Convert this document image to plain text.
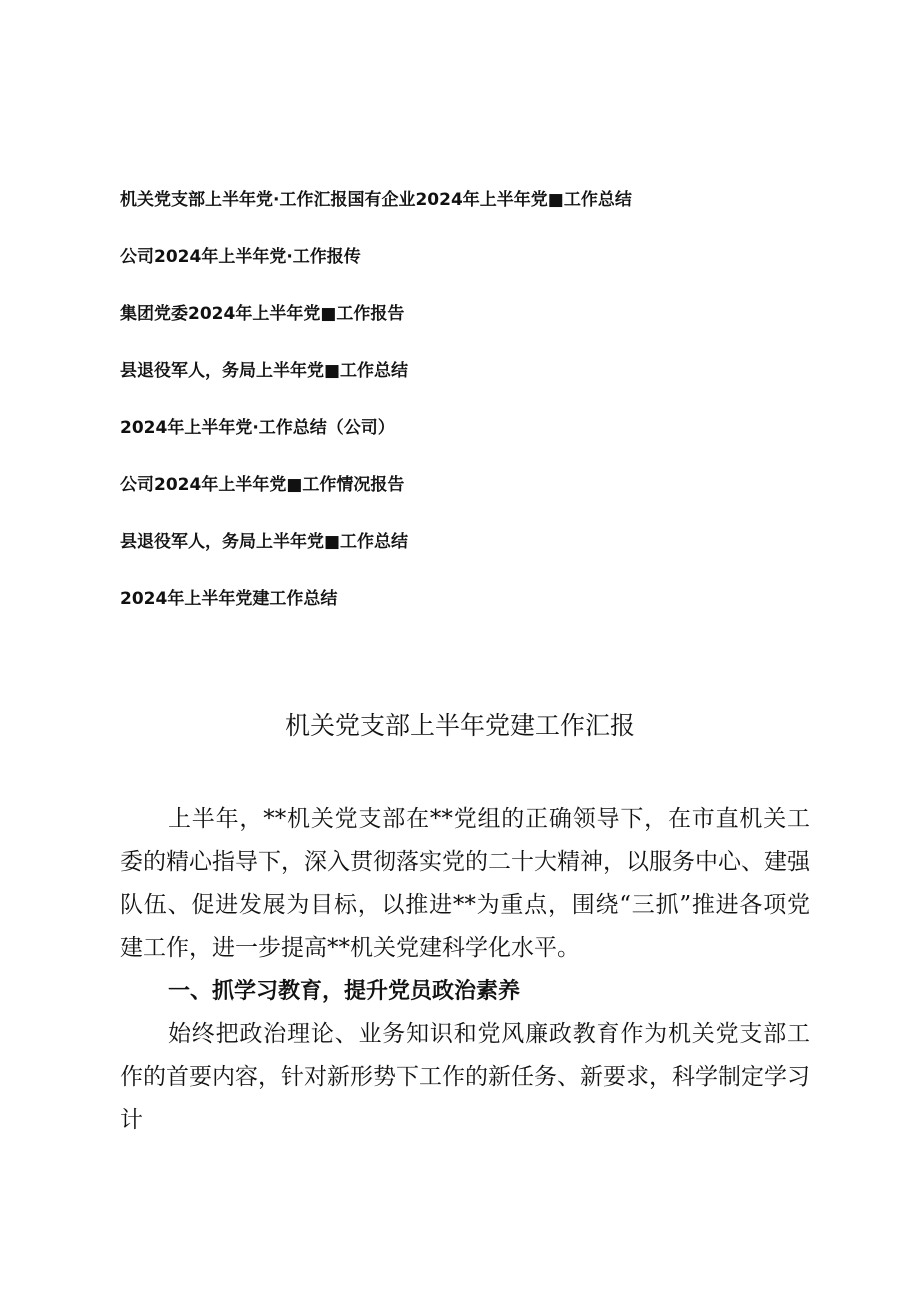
机关党支部上半年党·工作汇报国有企业2024年上半年党■工作总结
公司2024年上半年党·工作报传
集团党委2024年上半年党■工作报告
县退役军人，务局上半年党■工作总结
2024年上半年党·工作总结（公司）
公司2024年上半年党■工作情况报告
县退役军人，务局上半年党■工作总结
2024年上半年党建工作总结
机关党支部上半年党建工作汇报

上半年，**机关党支部在**党组的正确领导下，在市直机关工委的精心指导下，深入贯彻落实党的二十大精神，以服务中心、建强队伍、促进发展为目标，以推进**为重点，围绕“三抓”推进各项党建工作，进一步提高**机关党建科学化水平。

一、抓学习教育，提升党员政治素养

始终把政治理论、业务知识和党风廉政教育作为机关党支部工作的首要内容，针对新形势下工作的新任务、新要求，科学制定学习计
